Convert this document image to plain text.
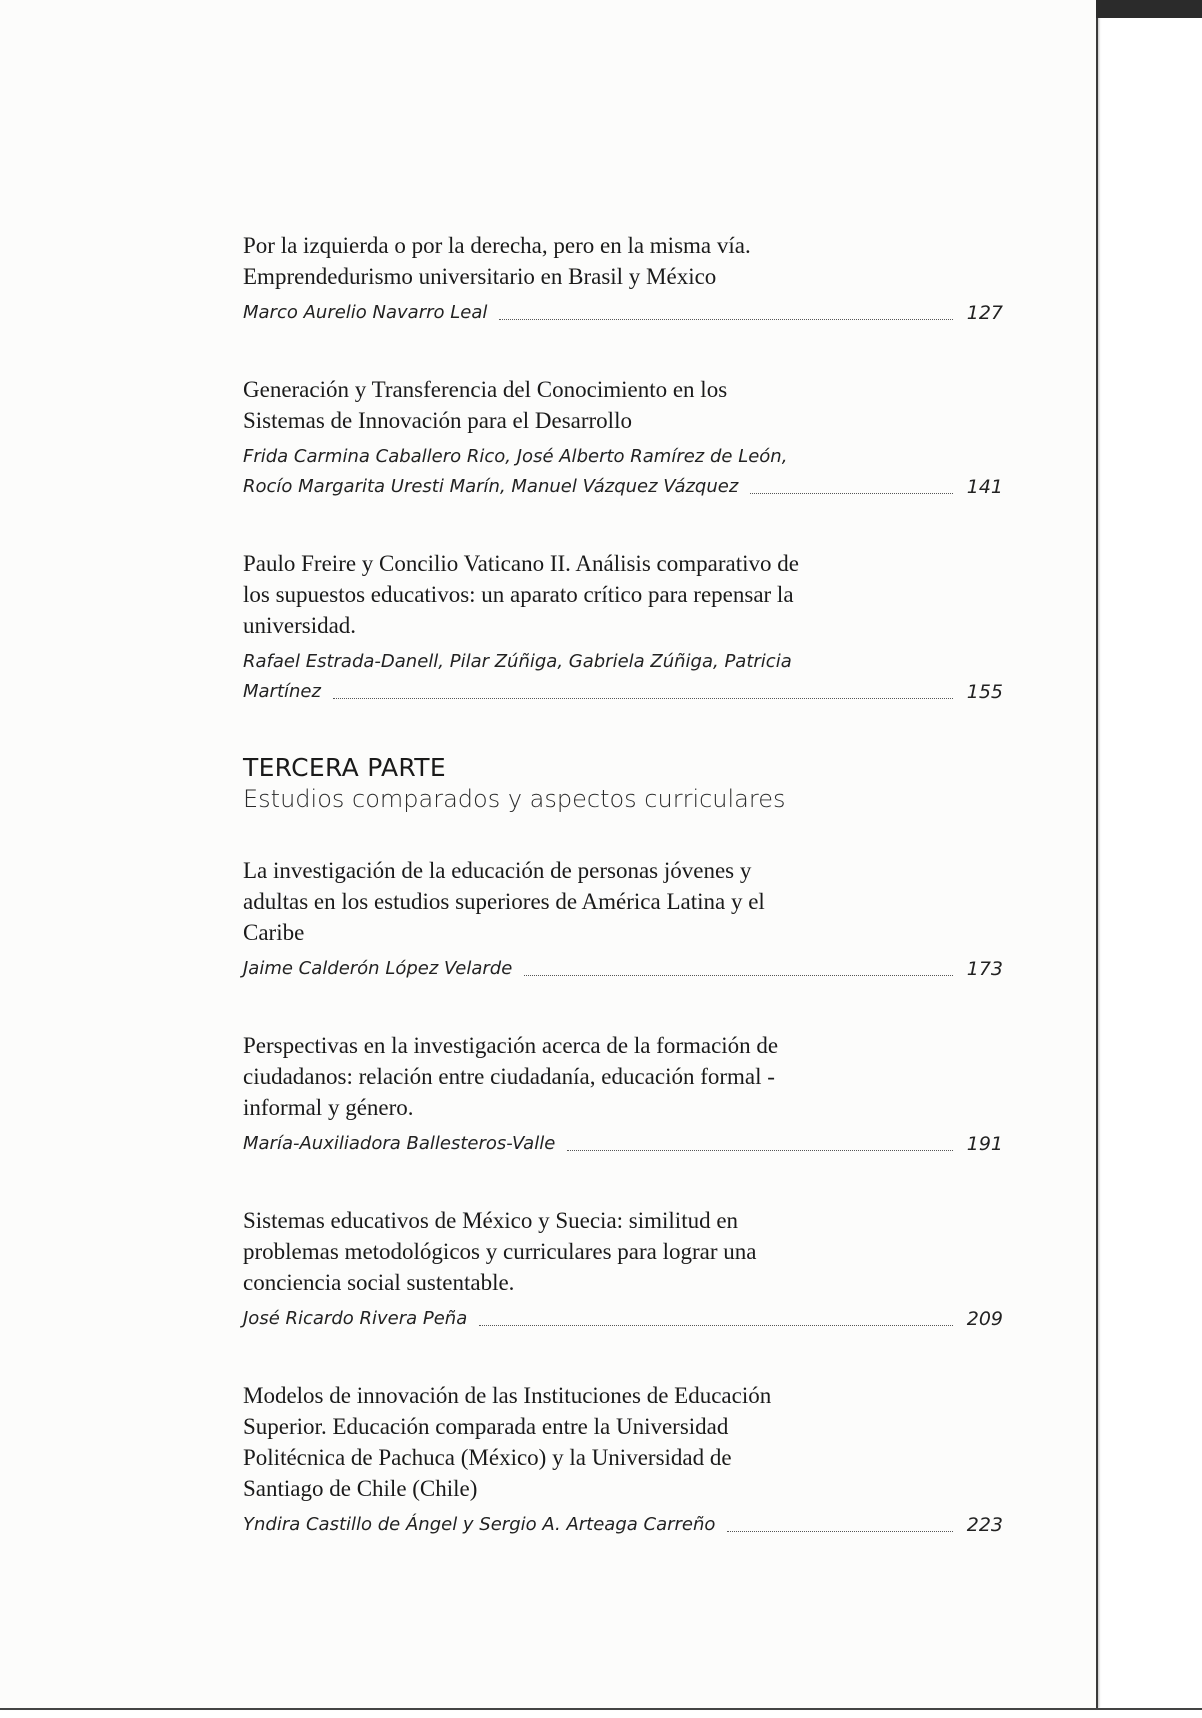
Por la izquierda o por la derecha, pero en la misma vía.
Emprendedurismo universitario en Brasil y México

Marco Aurelio Navarro Leal	127

Generación y Transferencia del Conocimiento en los
Sistemas de Innovación para el Desarrollo

Frida Carmina Caballero Rico, José Alberto Ramírez de León,
Rocío Margarita Uresti Marín, Manuel Vázquez Vázquez	141

Paulo Freire y Concilio Vaticano II. Análisis comparativo de
los supuestos educativos: un aparato crítico para repensar la
universidad.

Rafael Estrada-Danell, Pilar Zúñiga, Gabriela Zúñiga, Patricia
Martínez	155
TERCERA PARTE
Estudios comparados y aspectos curriculares

La investigación de la educación de personas jóvenes y
adultas en los estudios superiores de América Latina y el
Caribe

Jaime Calderón López Velarde	173

Perspectivas en la investigación acerca de la formación de
ciudadanos: relación entre ciudadanía, educación formal -
informal y género.

María-Auxiliadora Ballesteros-Valle	191

Sistemas educativos de México y Suecia: similitud en
problemas metodológicos y curriculares para lograr una
conciencia social sustentable.

José Ricardo Rivera Peña	209

Modelos de innovación de las Instituciones de Educación
Superior. Educación comparada entre la Universidad
Politécnica de Pachuca (México) y la Universidad de
Santiago de Chile (Chile)

Yndira Castillo de Ángel y Sergio A. Arteaga Carreño	223
